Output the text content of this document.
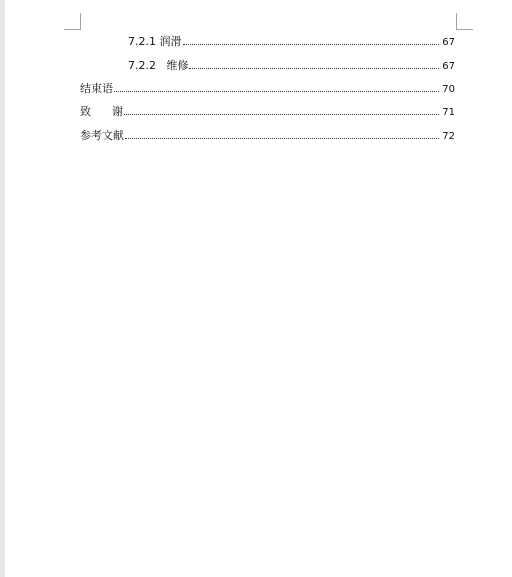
7.2.1 润滑	67
7.2.2   维修	67
结束语	70
致      谢	71
参考文献	72
